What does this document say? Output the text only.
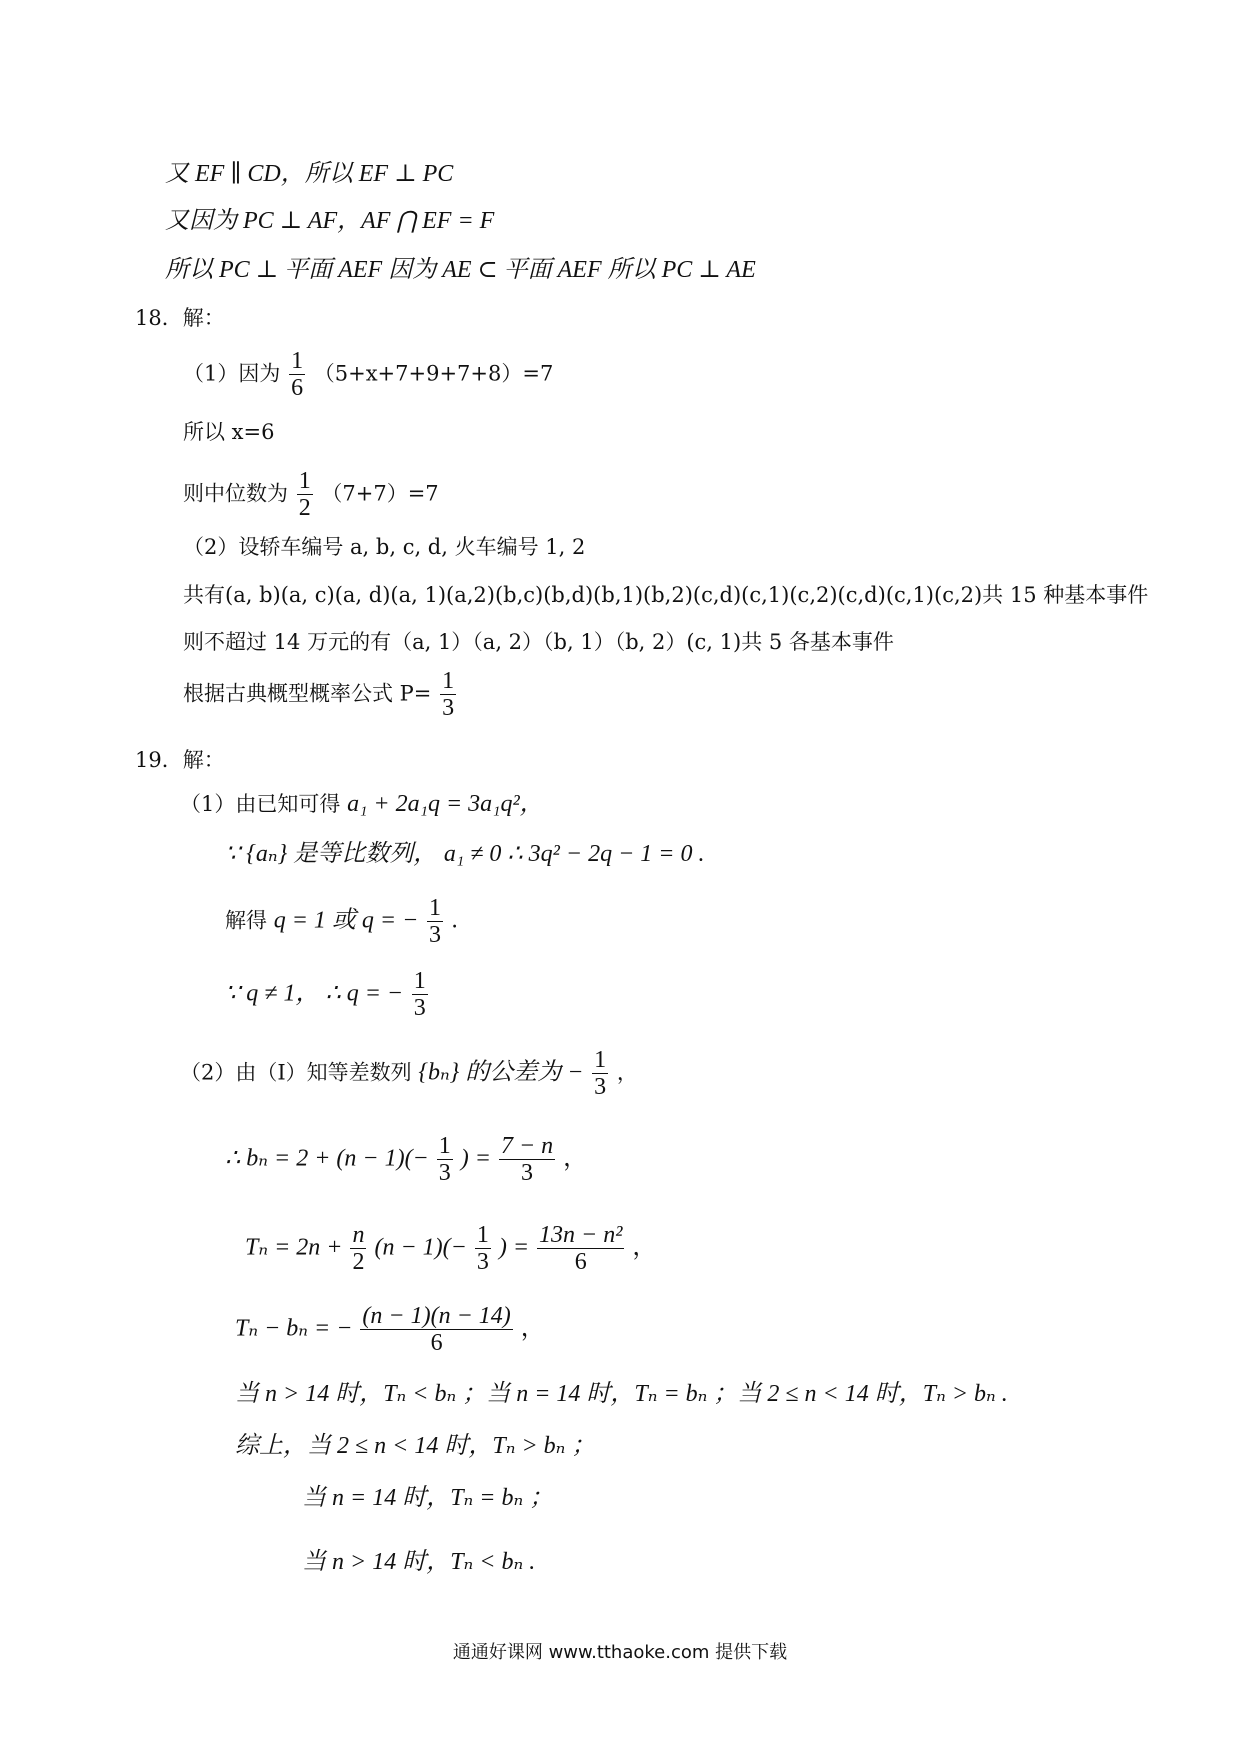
又 EF ∥ CD，所以 EF ⊥ PC
又因为 PC ⊥ AF，AF ⋂ EF = F
所以 PC ⊥ 平面 AEF 因为 AE ⊂ 平面 AEF 所以 PC ⊥ AE
18．解：
（1）因为 $\frac{1}{6} (5+x+7+9+7+8)=7$
所以 x=6
则中位数为 $\frac{1}{2} (7+7)=7$
（2）设轿车编号 a, b, c, d, 火车编号 1, 2
共有(a, b)(a, c)(a, d)(a, 1)(a,2)(b,c)(b,d)(b,1)(b,2)(c,d)(c,1)(c,2)(c,d)(c,1)(c,2)共 15 种基本事件
则不超过 14 万元的有（a, 1）（a, 2）（b, 1）（b, 2）(c, 1)共 5 各基本事件
根据古典概型概率公式 $P= \frac{1}{3}$
19．解：
（1）由已知可得 a₁ + 2a₁q = 3a₁q²，
∵ {aₙ} 是等比数列， a₁ ≠ 0 ∴ 3q² − 2q − 1 = 0 .
解得 q = 1 或 q = − $\frac{1}{3}$ .
∵ q ≠ 1， ∴ q = − $\frac{1}{3}$
（2）由（I）知等差数列 {bₙ} 的公差为 − $\frac{1}{3}$ ，
∴ $b_n = 2 + (n - 1)(- \frac{1}{3}$ ) = $\frac{7 - n}{3}$ ，
$T_n = 2n + \frac{n}{2} (n - 1)(- \frac{1}{3}$ ) = $\frac{\text{13n − n²}}{6}$ ，
Tₙ − bₙ = − $\frac{(n - 1)(n - 14)}{6}$ ，
当 n > 14 时，Tₙ < bₙ ；当 n = 14 时，Tₙ = bₙ ；当 2 ≤ n < 14 时，Tₙ > bₙ .
综上，当 2 ≤ n < 14 时，Tₙ > bₙ ；
当 n = 14 时，Tₙ = bₙ ；
当 n > 14 时，Tₙ < bₙ .
通通好课网 www.tthaoke.com 提供下载
